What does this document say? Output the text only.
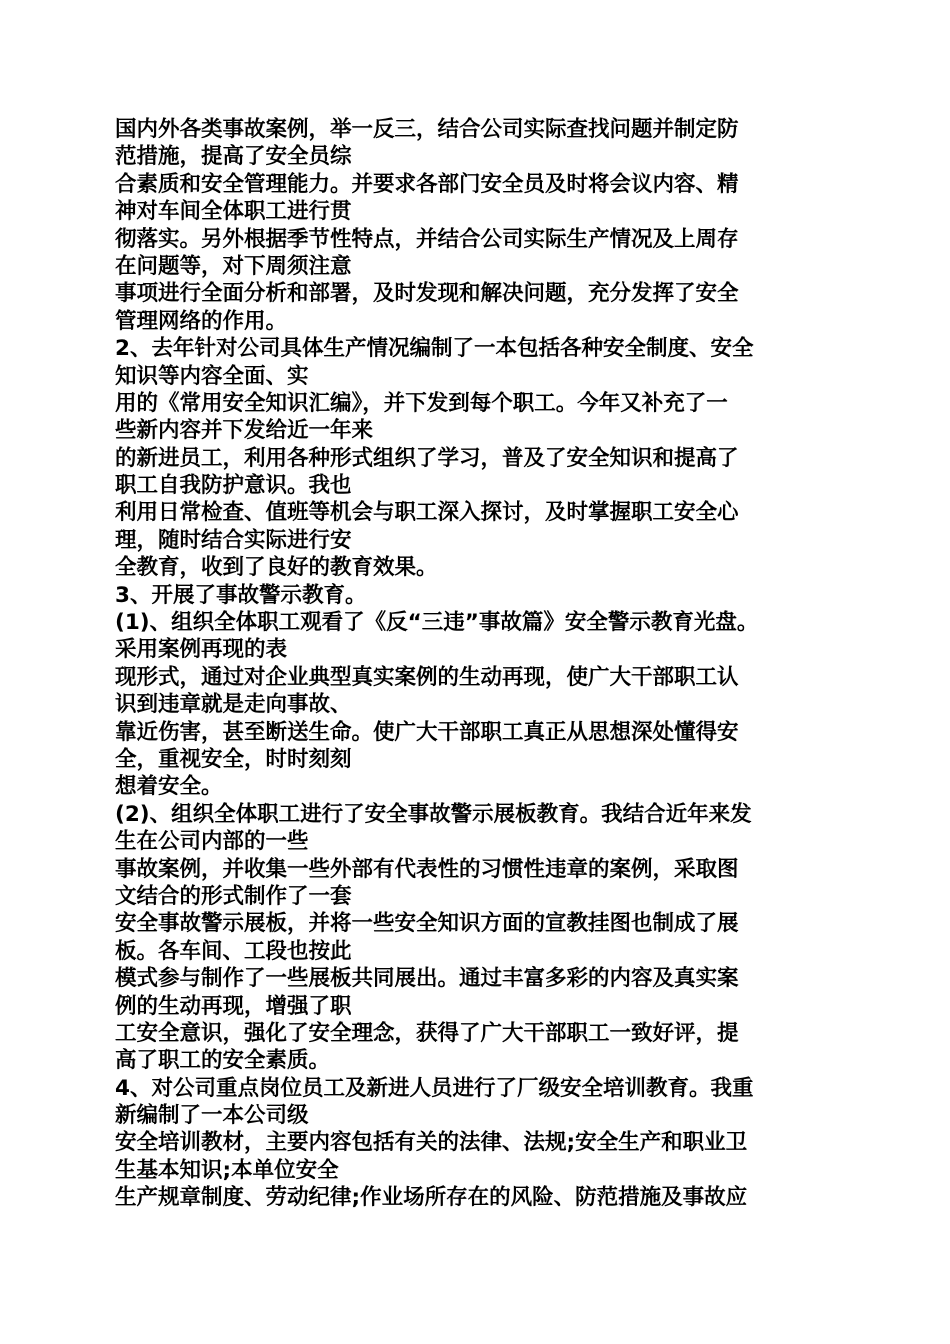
国内外各类事故案例，举一反三，结合公司实际查找问题并制定防
范措施，提高了安全员综
合素质和安全管理能力。并要求各部门安全员及时将会议内容、精
神对车间全体职工进行贯
彻落实。另外根据季节性特点，并结合公司实际生产情况及上周存
在问题等，对下周须注意
事项进行全面分析和部署，及时发现和解决问题，充分发挥了安全
管理网络的作用。
2、去年针对公司具体生产情况编制了一本包括各种安全制度、安全
知识等内容全面、实
用的《常用安全知识汇编》，并下发到每个职工。今年又补充了一
些新内容并下发给近一年来
的新进员工，利用各种形式组织了学习，普及了安全知识和提高了
职工自我防护意识。我也
利用日常检查、值班等机会与职工深入探讨，及时掌握职工安全心
理，随时结合实际进行安
全教育，收到了良好的教育效果。
3、开展了事故警示教育。
(1)、组织全体职工观看了《反“三违”事故篇》安全警示教育光盘。
采用案例再现的表
现形式，通过对企业典型真实案例的生动再现，使广大干部职工认
识到违章就是走向事故、
靠近伤害，甚至断送生命。使广大干部职工真正从思想深处懂得安
全，重视安全，时时刻刻
想着安全。
(2)、组织全体职工进行了安全事故警示展板教育。我结合近年来发
生在公司内部的一些
事故案例，并收集一些外部有代表性的习惯性违章的案例，采取图
文结合的形式制作了一套
安全事故警示展板，并将一些安全知识方面的宣教挂图也制成了展
板。各车间、工段也按此
模式参与制作了一些展板共同展出。通过丰富多彩的内容及真实案
例的生动再现，增强了职
工安全意识，强化了安全理念，获得了广大干部职工一致好评，提
高了职工的安全素质。
4、对公司重点岗位员工及新进人员进行了厂级安全培训教育。我重
新编制了一本公司级
安全培训教材，主要内容包括有关的法律、法规;安全生产和职业卫
生基本知识;本单位安全
生产规章制度、劳动纪律;作业场所存在的风险、防范措施及事故应
